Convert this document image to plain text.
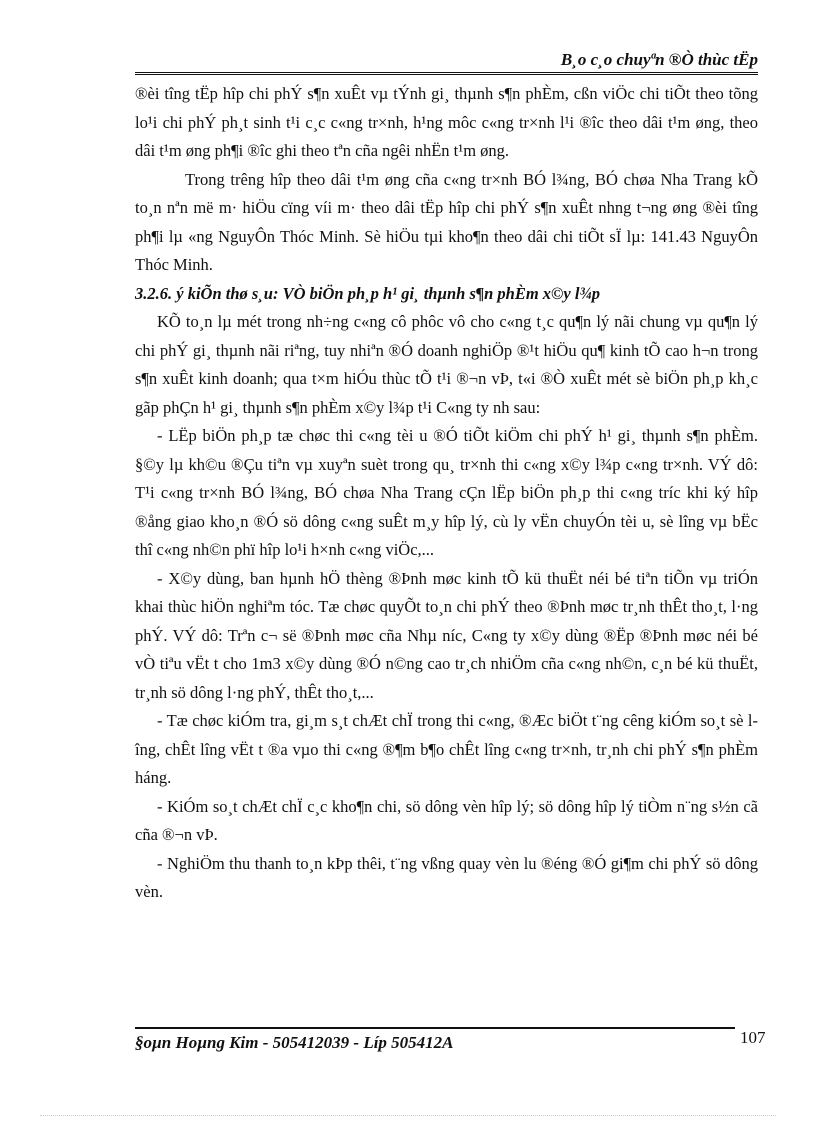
B¸o c¸o chuyªn ®Ò thùc tËp

®èi tîng tËp hîp chi phÝ s¶n xuÊt vµ tÝnh gi¸ thµnh s¶n phÈm, cßn viÖc chi tiÕt theo tõng lo¹i chi phÝ ph¸t sinh t¹i c¸c c«ng tr×nh, h¹ng môc c«ng tr×nh l¹i ®îc theo dâi t¹m øng, theo dâi t¹m øng ph¶i ®îc ghi theo tªn cña ngêi nhËn t¹m øng.

Trong trêng hîp theo dâi t¹m øng cña c«ng tr×nh BÓ l¾ng, BÓ chøa Nha Trang kÕ to¸n nªn më m· hiÖu cïng víi m· theo dâi tËp hîp chi phÝ s¶n xuÊt nhng t¬ng øng ®èi tîng ph¶i lµ «ng NguyÔn Thóc Minh. Sè hiÖu tµi kho¶n theo dâi chi tiÕt sÏ lµ: 141.43 NguyÔn Thóc Minh.

3.2.6. ý kiÕn thø s¸u: VÒ biÖn ph¸p h¹ gi¸ thµnh s¶n phÈm x©y l¾p

KÕ to¸n lµ mét trong nh÷ng c«ng cô phôc vô cho c«ng t¸c qu¶n lý nãi chung vµ qu¶n lý chi phÝ gi¸ thµnh nãi riªng, tuy nhiªn ®Ó doanh nghiÖp ®¹t hiÖu qu¶ kinh tÕ cao h¬n trong s¶n xuÊt kinh doanh; qua t×m hiÓu thùc tÕ t¹i ®¬n vÞ, t«i ®Ò xuÊt mét sè biÖn ph¸p kh¸c gãp phÇn h¹ gi¸ thµnh s¶n phÈm x©y l¾p t¹i C«ng ty nh sau:

- LËp biÖn ph¸p tæ chøc thi c«ng tèi u ®Ó tiÕt kiÖm chi phÝ h¹ gi¸ thµnh s¶n phÈm. §©y lµ kh©u ®Çu tiªn vµ xuyªn suèt trong qu¸ tr×nh thi c«ng x©y l¾p c«ng tr×nh. VÝ dô: T¹i c«ng tr×nh BÓ l¾ng, BÓ chøa Nha Trang cÇn lËp biÖn ph¸p thi c«ng tríc khi ký hîp ®ång giao kho¸n ®Ó sö dông c«ng suÊt m¸y hîp lý, cù ly vËn chuyÓn tèi u, sè lîng vµ bËc thî c«ng nh©n phï hîp lo¹i h×nh c«ng viÖc,...

- X©y dùng, ban hµnh hÖ thèng ®Þnh møc kinh tÕ kü thuËt néi bé tiªn tiÕn vµ triÓn khai thùc hiÖn nghiªm tóc. Tæ chøc quyÕt to¸n chi phÝ theo ®Þnh møc tr¸nh thÊt tho¸t, l·ng phÝ. VÝ dô: Trªn c¬ së ®Þnh møc cña Nhµ níc, C«ng ty x©y dùng ®Ëp ®Þnh møc néi bé vÒ tiªu vËt t cho 1m3 x©y dùng ®Ó n©ng cao tr¸ch nhiÖm cña c«ng nh©n, c¸n bé kü thuËt, tr¸nh sö dông l·ng phÝ, thÊt tho¸t,...

- Tæ chøc kiÓm tra, gi¸m s¸t chÆt chÏ trong thi c«ng, ®Æc biÖt t¨ng cêng kiÓm so¸t sè lîng, chÊt lîng vËt t ®a vµo thi c«ng ®¶m b¶o chÊt lîng c«ng tr×nh, tr¸nh chi phÝ s¶n phÈm háng.

- KiÓm so¸t chÆt chÏ c¸c kho¶n chi, sö dông vèn hîp lý; sö dông hîp lý tiÒm n¨ng s½n cã cña ®¬n vÞ.

- NghiÖm thu thanh to¸n kÞp thêi, t¨ng vßng quay vèn lu ®éng ®Ó gi¶m chi phÝ sö dông vèn.

§oµn Hoµng Kim - 505412039 - Líp 505412A	107
